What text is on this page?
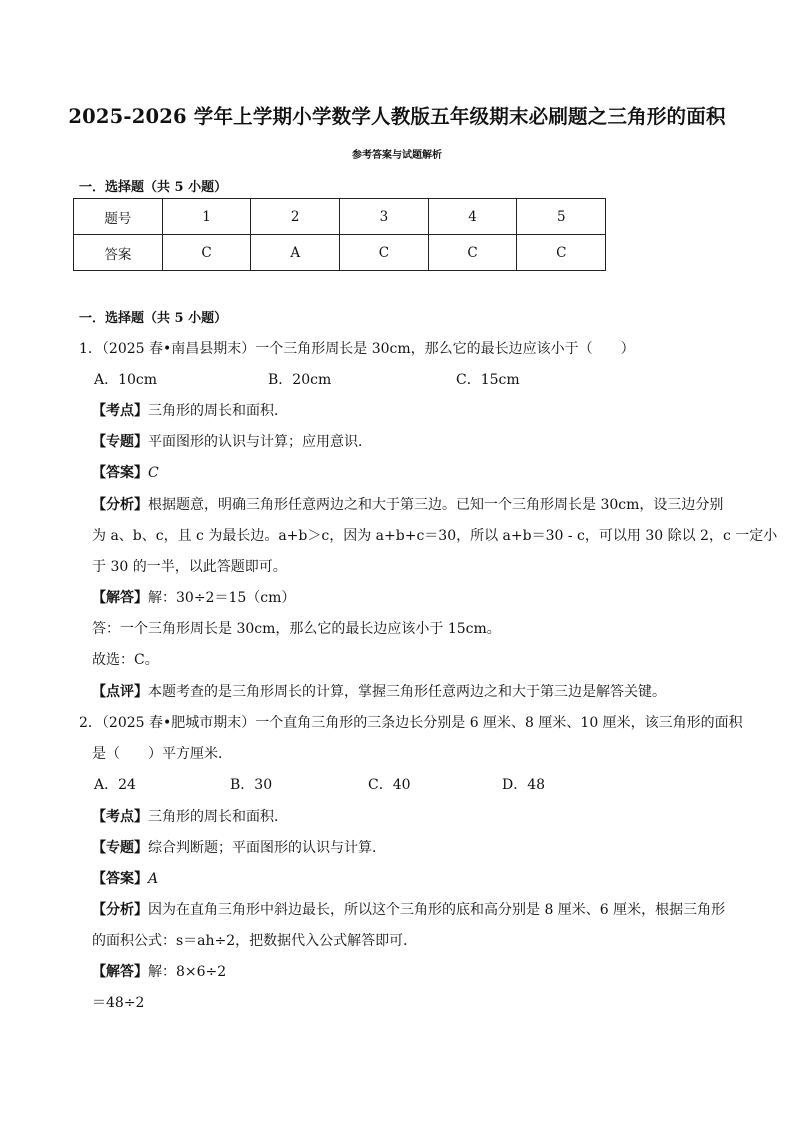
2025-2026 学年上学期小学数学人教版五年级期末必刷题之三角形的面积
参考答案与试题解析
一．选择题（共 5 小题）
题号	1	2	3	4	5
答案	C	A	C	C	C
一．选择题（共 5 小题）
1．（2025 春•南昌县期末）一个三角形周长是 30cm，那么它的最长边应该小于（　　）
A．10cm	B．20cm	C．15cm
【考点】三角形的周长和面积．
【专题】平面图形的认识与计算；应用意识．
【答案】C
【分析】根据题意，明确三角形任意两边之和大于第三边。已知一个三角形周长是 30cm，设三边分别
为 a、b、c，且 c 为最长边。a+b＞c，因为 a+b+c＝30，所以 a+b＝30 - c，可以用 30 除以 2，c 一定小
于 30 的一半，以此答题即可。
【解答】解：30÷2＝15（cm）
答：一个三角形周长是 30cm，那么它的最长边应该小于 15cm。
故选：C。
【点评】本题考查的是三角形周长的计算，掌握三角形任意两边之和大于第三边是解答关键。
2．（2025 春•肥城市期末）一个直角三角形的三条边长分别是 6 厘米、8 厘米、10 厘米，该三角形的面积
是（　　）平方厘米．
A．24	B．30	C．40	D．48
【考点】三角形的周长和面积．
【专题】综合判断题；平面图形的认识与计算．
【答案】A
【分析】因为在直角三角形中斜边最长，所以这个三角形的底和高分别是 8 厘米、6 厘米，根据三角形
的面积公式：s＝ah÷2，把数据代入公式解答即可．
【解答】解：8×6÷2
＝48÷2
